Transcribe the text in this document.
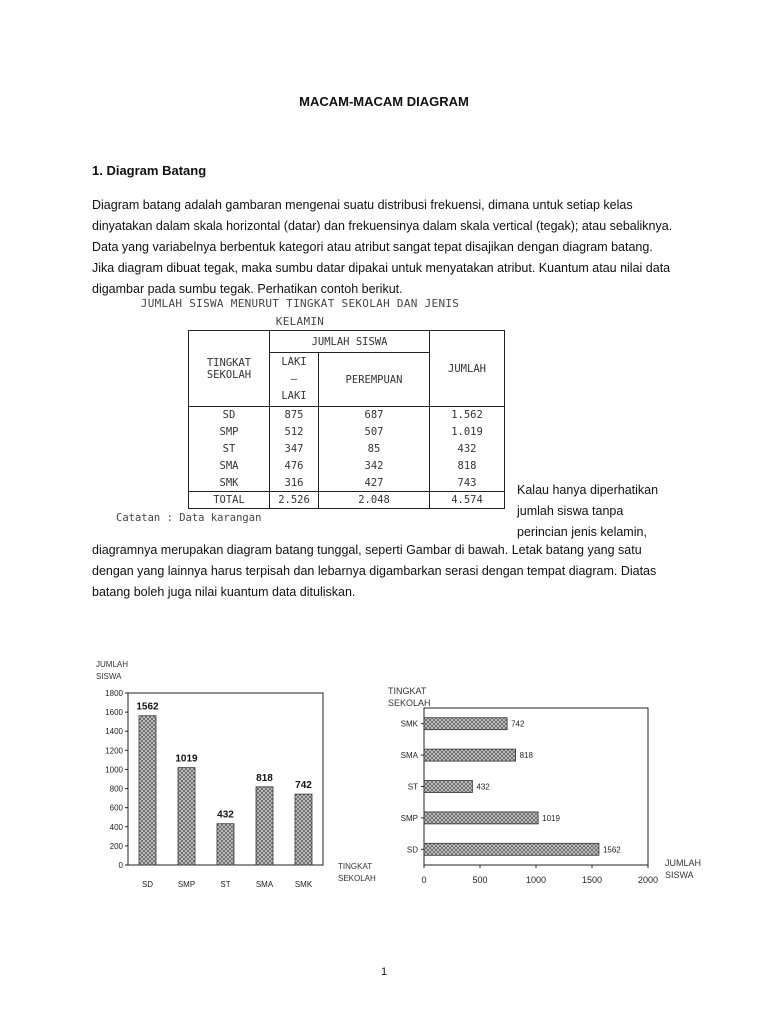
MACAM-MACAM DIAGRAM
1. Diagram Batang

Diagram batang adalah gambaran mengenai suatu distribusi frekuensi, dimana untuk setiap kelas

dinyatakan dalam skala horizontal (datar) dan frekuensinya dalam skala vertical (tegak); atau sebaliknya.

Data yang variabelnya berbentuk kategori atau atribut sangat tepat disajikan dengan diagram batang.

Jika diagram dibuat tegak, maka sumbu datar dipakai untuk menyatakan atribut. Kuantum atau nilai data

digambar pada sumbu tegak. Perhatikan contoh berikut.

JUMLAH SISWA MENURUT TINGKAT SEKOLAH DAN JENIS
KELAMIN
TINGKAT
SEKOLAH	JUMLAH SISWA		JUMLAH

	LAKI
–
LAKI	PEREMPUAN	
SD	875	687	1.562
SMP	512	507	1.019
ST	347	85	432
SMA	476	342	818
SMK	316	427	743
TOTAL	2.526	2.048	4.574
Catatan : Data karangan

Kalau hanya diperhatikan

jumlah siswa tanpa

perincian jenis kelamin,

diagramnya merupakan diagram batang tunggal, seperti Gambar di bawah. Letak batang yang satu

dengan yang lainnya harus terpisah dan lebarnya digambarkan serasi dengan tempat diagram. Diatas

batang boleh juga nilai kuantum data dituliskan.

JUMLAH
SISWA
TINGKAT
SEKOLAH
0
200
400
600
800
1000
1200
1400
1600
1800
1562
SD
1019
SMP
432
ST
818
SMA
742
SMK
TINGKAT
SEKOLAH
JUMLAH
SISWA
0	500	1000	1500	2000
742
SMK
818
SMA
432
ST
1019
SMP
1562
SD
1
